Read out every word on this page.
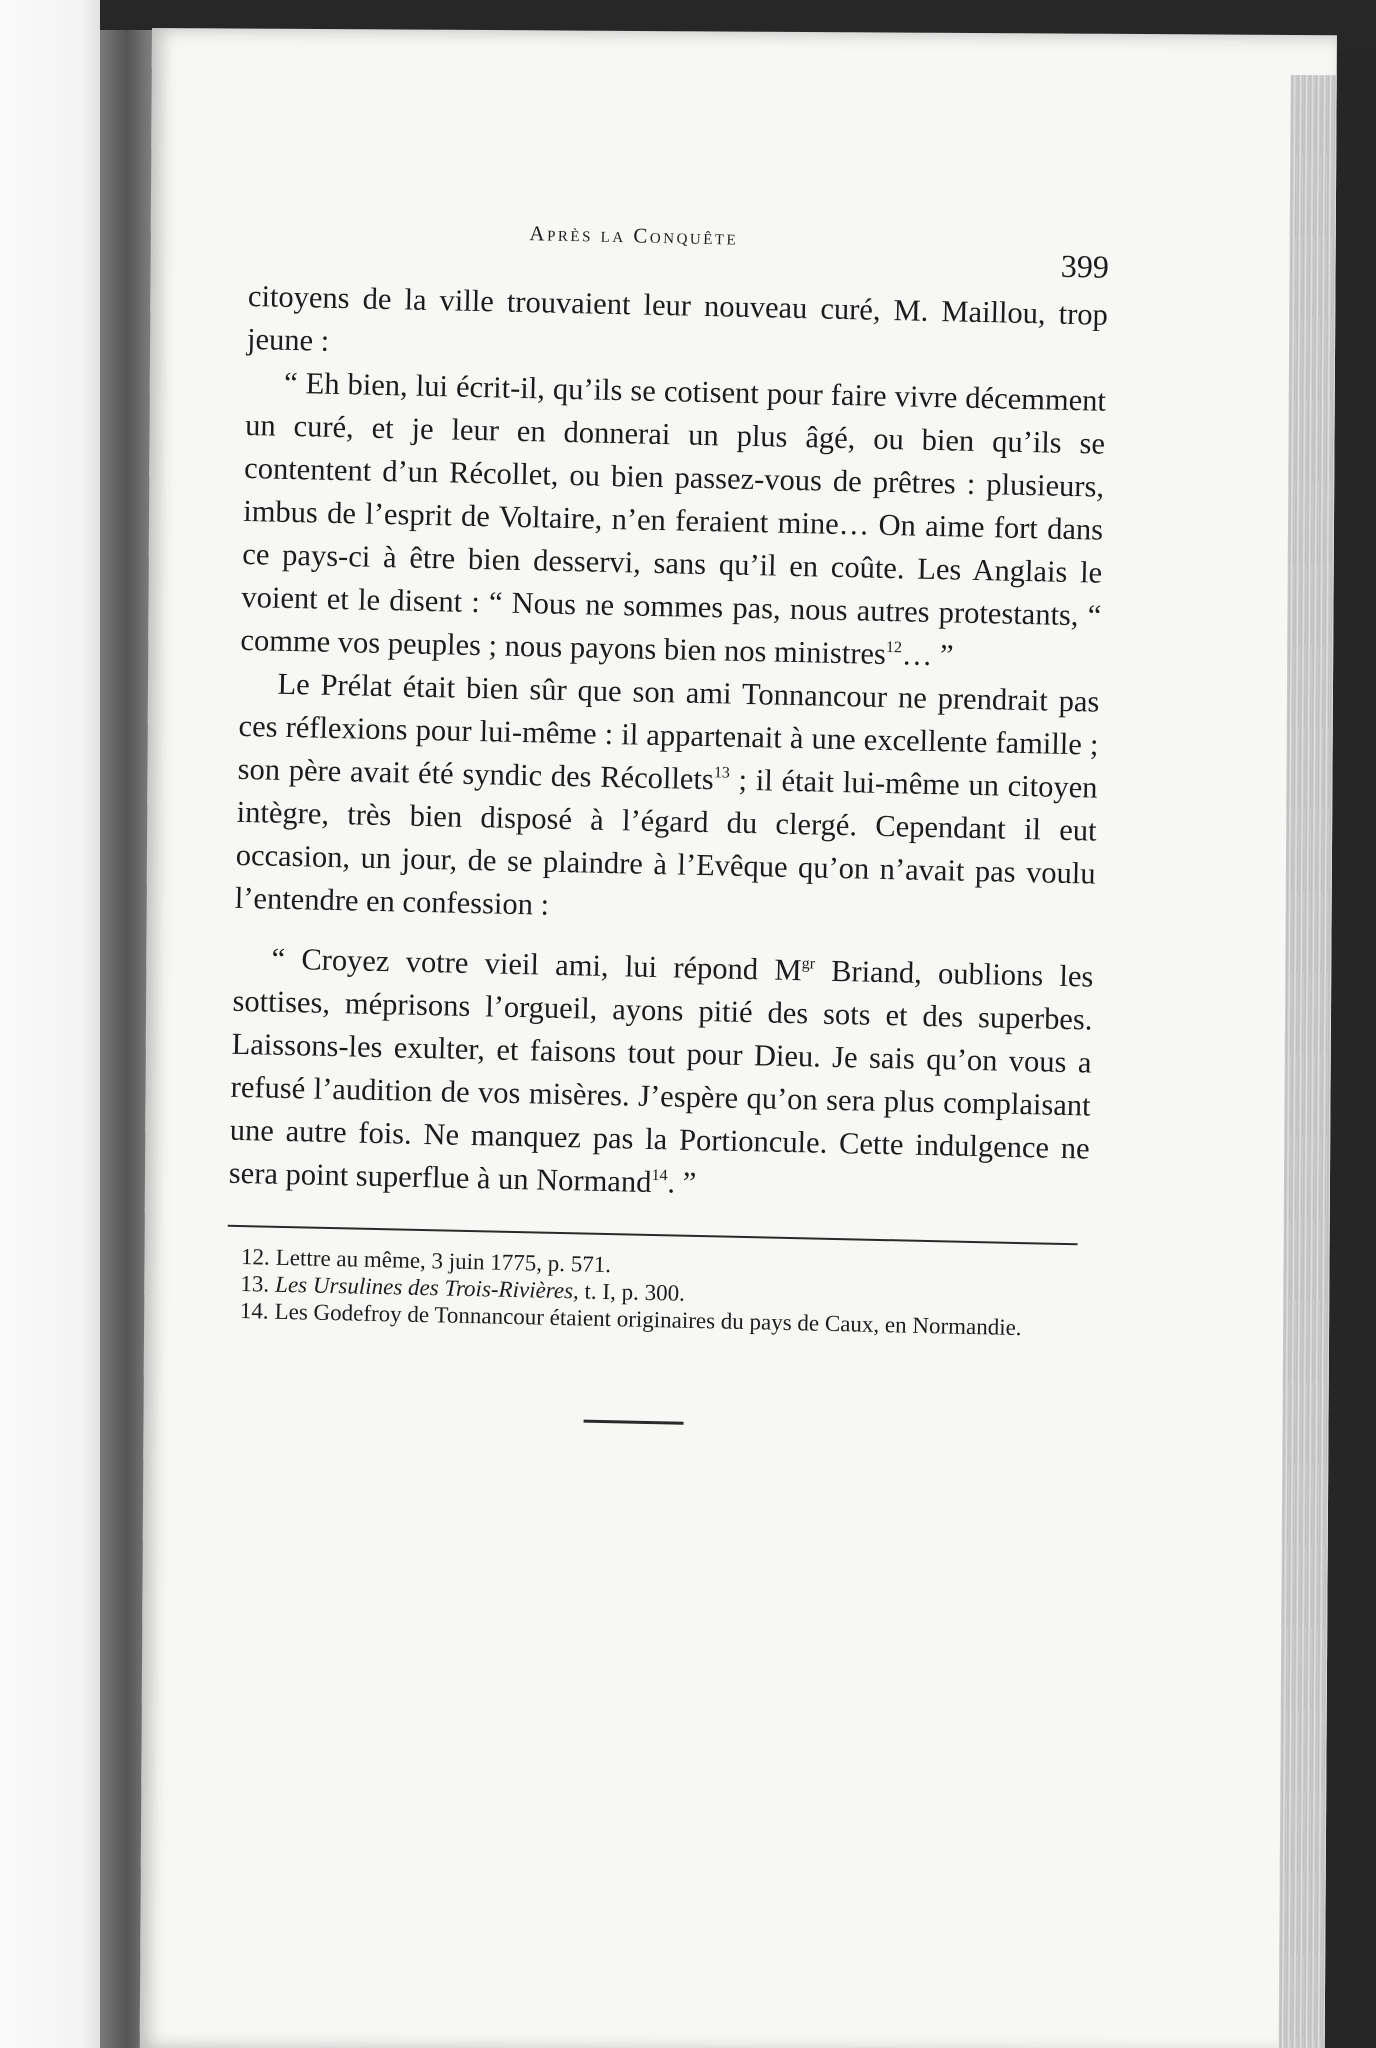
Après la Conquête
399

citoyens de la ville trouvaient leur nouveau curé, M. Maillou, trop jeune :

“ Eh bien, lui écrit-il, qu’ils se cotisent pour faire vivre décemment un curé, et je leur en donnerai un plus âgé, ou bien qu’ils se contentent d’un Récollet, ou bien passez-vous de prêtres : plusieurs, imbus de l’esprit de Voltaire, n’en feraient mine… On aime fort dans ce pays-ci à être bien desservi, sans qu’il en coûte. Les Anglais le voient et le disent : “ Nous ne sommes pas, nous autres protestants, “ comme vos peuples ; nous payons bien nos ministres$^{12}$… ”

Le Prélat était bien sûr que son ami Tonnancour ne prendrait pas ces réflexions pour lui-même : il appartenait à une excellente famille ; son père avait été syndic des Récollets$^{13}$ ; il était lui-même un citoyen intègre, très bien disposé à l’égard du clergé. Cependant il eut occasion, un jour, de se plaindre à l’Evêque qu’on n’avait pas voulu l’entendre en confession :

“ Croyez votre vieil ami, lui répond $M^{gr}$ Briand, oublions les sottises, méprisons l’orgueil, ayons pitié des sots et des superbes. Laissons-les exulter, et faisons tout pour Dieu. Je sais qu’on vous a refusé l’audition de vos misères. J’espère qu’on sera plus complaisant une autre fois. Ne manquez pas la Portioncule. Cette indulgence ne sera point superflue à un Normand$^{14}$. ”

12. Lettre au même, 3 juin 1775, p. 571.

13. Les Ursulines des Trois-Rivières, t. I, p. 300.

14. Les Godefroy de Tonnancour étaient originaires du pays de Caux, en Normandie.
